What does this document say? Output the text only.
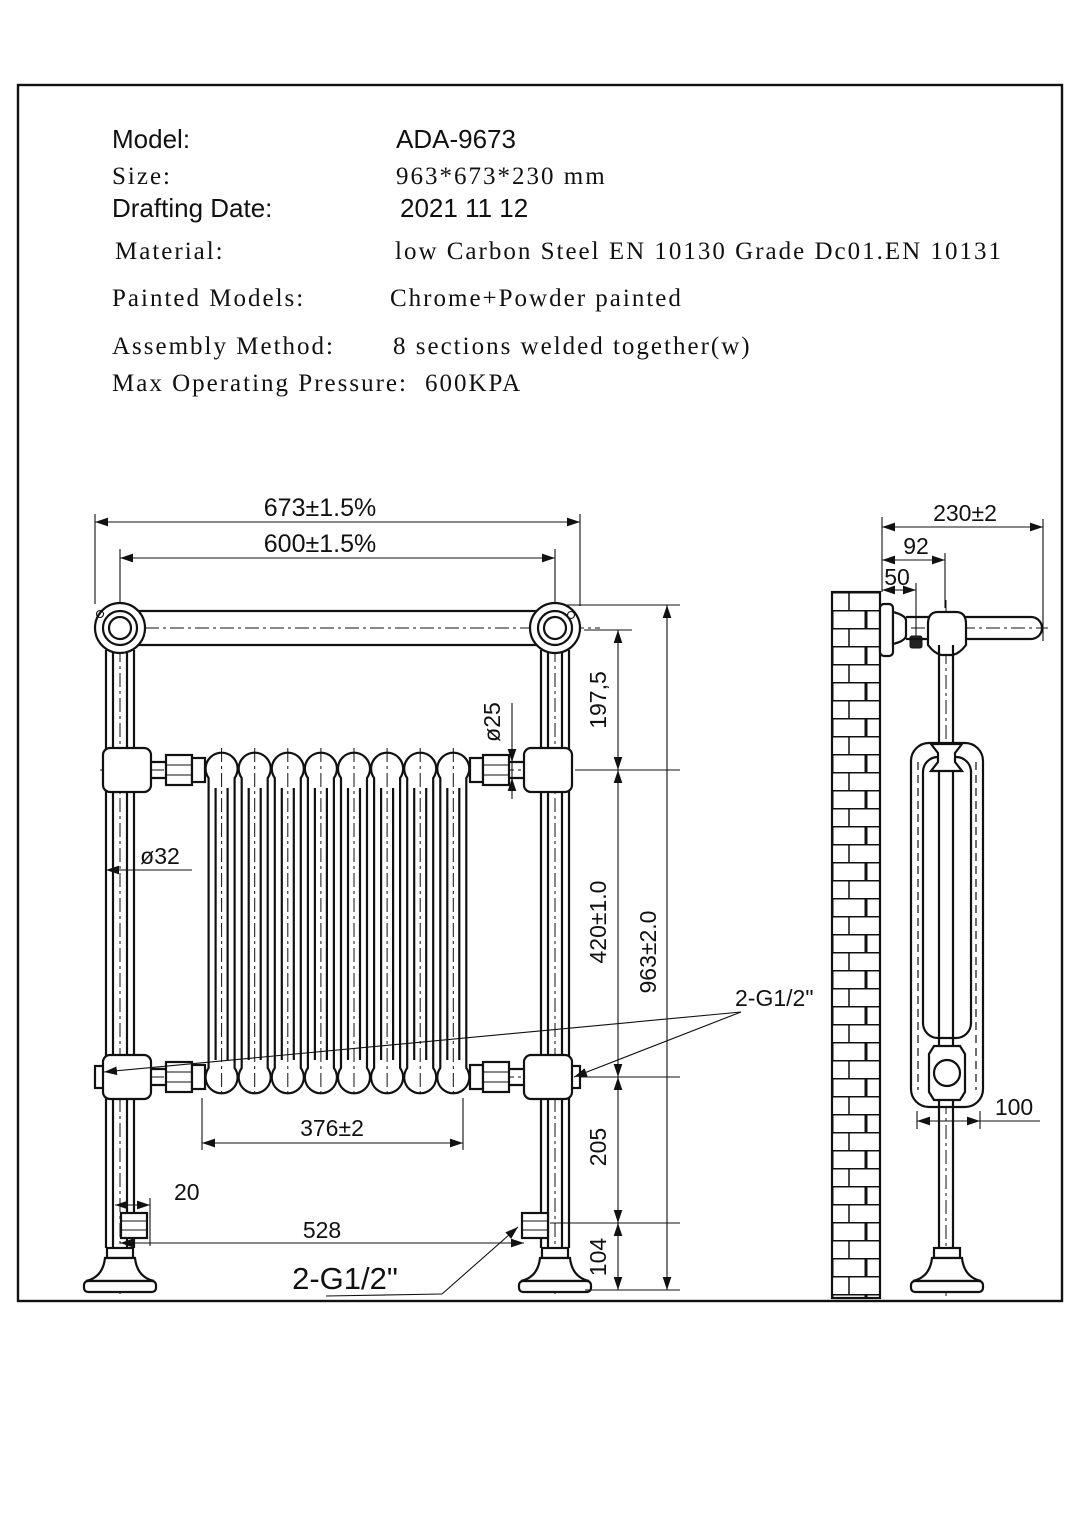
Model:	ADA-9673
Size:	963*673*230 mm
Drafting Date:	2021 11 12
Material:	low Carbon Steel EN 10130 Grade Dc01.EN 10131
Painted Models:	Chrome+Powder painted
Assembly Method: 8 sections welded together(w)
Max Operating Pressure: 600KPA
673±1.5%
600±1.5%
197,5
420±1.0
205
104
963±2.0
376±2
20
528
ø32
ø25
2-G1/2"
2-G1/2"
230±2
92
50
100
